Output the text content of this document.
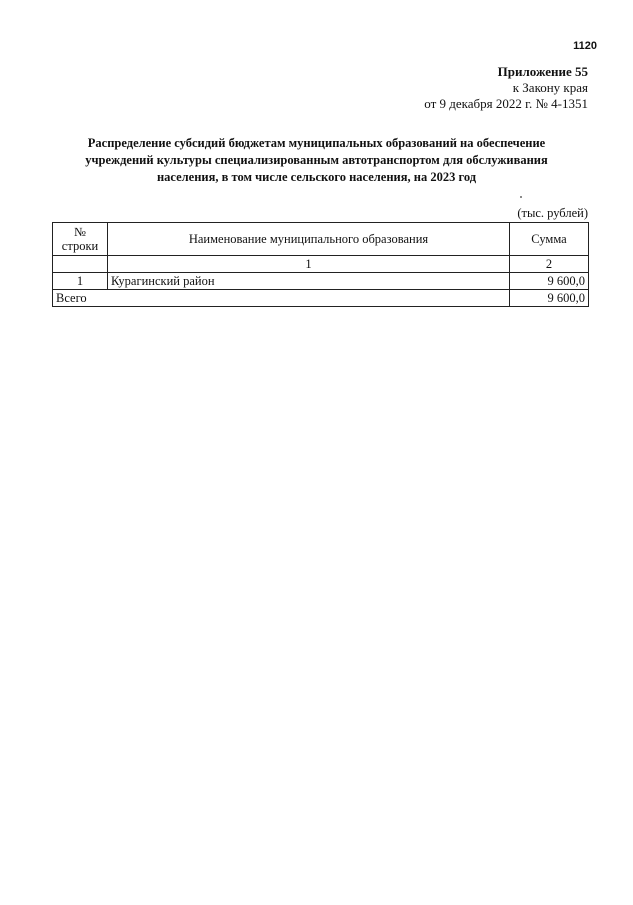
1120
Приложение 55
к Закону края
от 9 декабря 2022 г. № 4-1351
Распределение субсидий бюджетам муниципальных образований на обеспечение
учреждений культуры специализированным автотранспортом для обслуживания
населения, в том числе сельского населения, на 2023 год
(тыс. рублей)
№
строки	Наименование муниципального образования	Сумма
	1	2
1	Курагинский район	9 600,0
Всего		9 600,0
